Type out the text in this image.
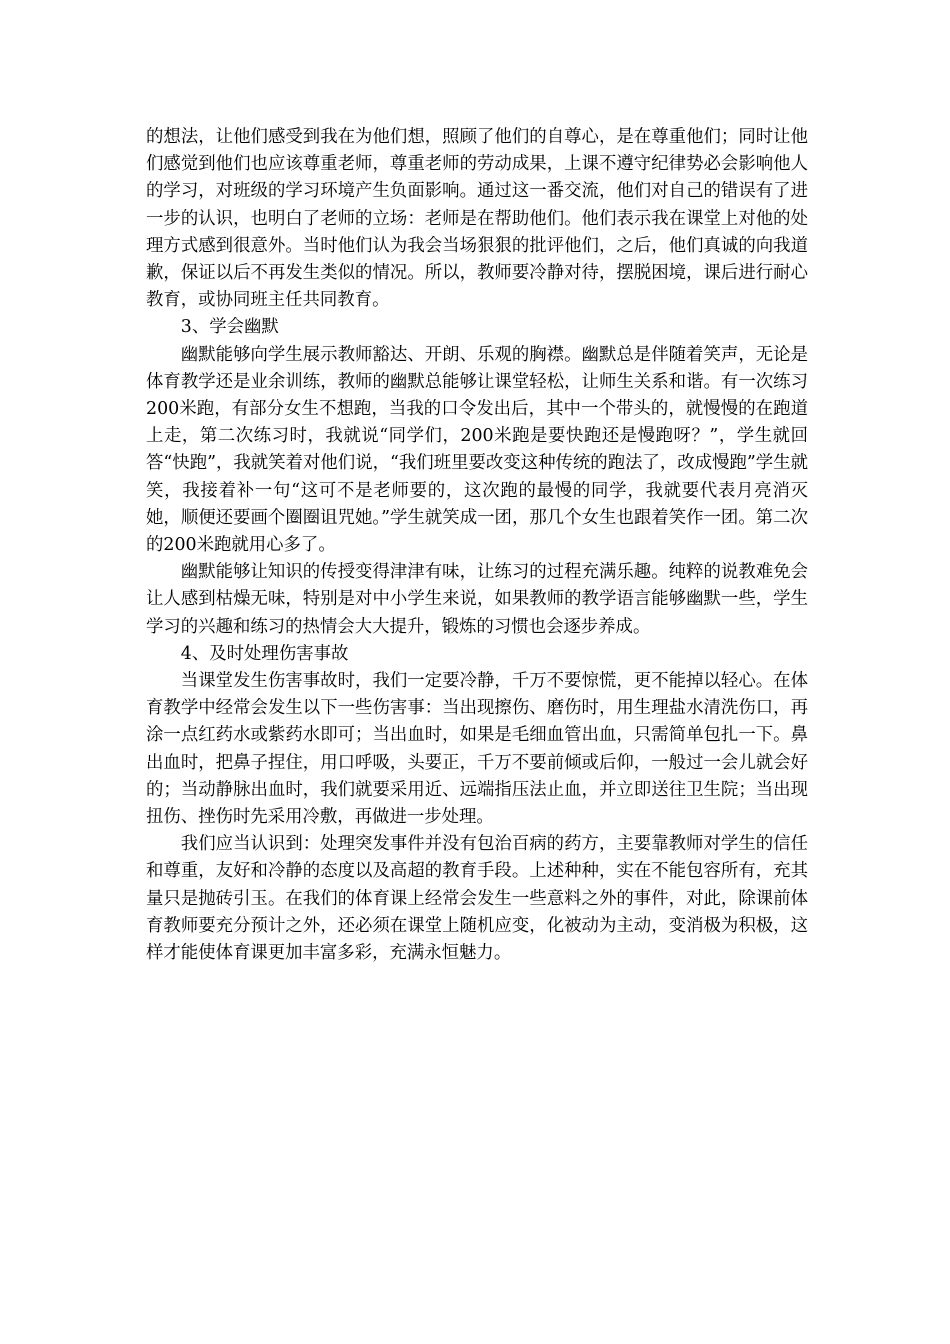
的想法，让他们感受到我在为他们想，照顾了他们的自尊心，是在尊重他们；同时让他们感觉到他们也应该尊重老师，尊重老师的劳动成果，上课不遵守纪律势必会影响他人的学习，对班级的学习环境产生负面影响。通过这一番交流，他们对自己的错误有了进一步的认识，也明白了老师的立场：老师是在帮助他们。他们表示我在课堂上对他的处理方式感到很意外。当时他们认为我会当场狠狠的批评他们，之后，他们真诚的向我道歉，保证以后不再发生类似的情况。所以，教师要冷静对待，摆脱困境，课后进行耐心教育，或协同班主任共同教育。

3、学会幽默

幽默能够向学生展示教师豁达、开朗、乐观的胸襟。幽默总是伴随着笑声，无论是体育教学还是业余训练，教师的幽默总能够让课堂轻松，让师生关系和谐。有一次练习200米跑，有部分女生不想跑，当我的口令发出后，其中一个带头的，就慢慢的在跑道上走，第二次练习时，我就说“同学们，200米跑是要快跑还是慢跑呀？”，学生就回答“快跑”，我就笑着对他们说，“我们班里要改变这种传统的跑法了，改成慢跑”学生就笑，我接着补一句“这可不是老师要的，这次跑的最慢的同学，我就要代表月亮消灭她，顺便还要画个圈圈诅咒她。”学生就笑成一团，那几个女生也跟着笑作一团。第二次的200米跑就用心多了。

幽默能够让知识的传授变得津津有味，让练习的过程充满乐趣。纯粹的说教难免会让人感到枯燥无味，特别是对中小学生来说，如果教师的教学语言能够幽默一些，学生学习的兴趣和练习的热情会大大提升，锻炼的习惯也会逐步养成。

4、及时处理伤害事故

当课堂发生伤害事故时，我们一定要冷静，千万不要惊慌，更不能掉以轻心。在体育教学中经常会发生以下一些伤害事：当出现擦伤、磨伤时，用生理盐水清洗伤口，再涂一点红药水或紫药水即可；当出血时，如果是毛细血管出血，只需简单包扎一下。鼻出血时，把鼻子捏住，用口呼吸，头要正，千万不要前倾或后仰，一般过一会儿就会好的；当动静脉出血时，我们就要采用近、远端指压法止血，并立即送往卫生院；当出现扭伤、挫伤时先采用冷敷，再做进一步处理。

我们应当认识到：处理突发事件并没有包治百病的药方，主要靠教师对学生的信任和尊重，友好和冷静的态度以及高超的教育手段。上述种种，实在不能包容所有，充其量只是抛砖引玉。在我们的体育课上经常会发生一些意料之外的事件，对此，除课前体育教师要充分预计之外，还必须在课堂上随机应变，化被动为主动，变消极为积极，这样才能使体育课更加丰富多彩，充满永恒魅力。
